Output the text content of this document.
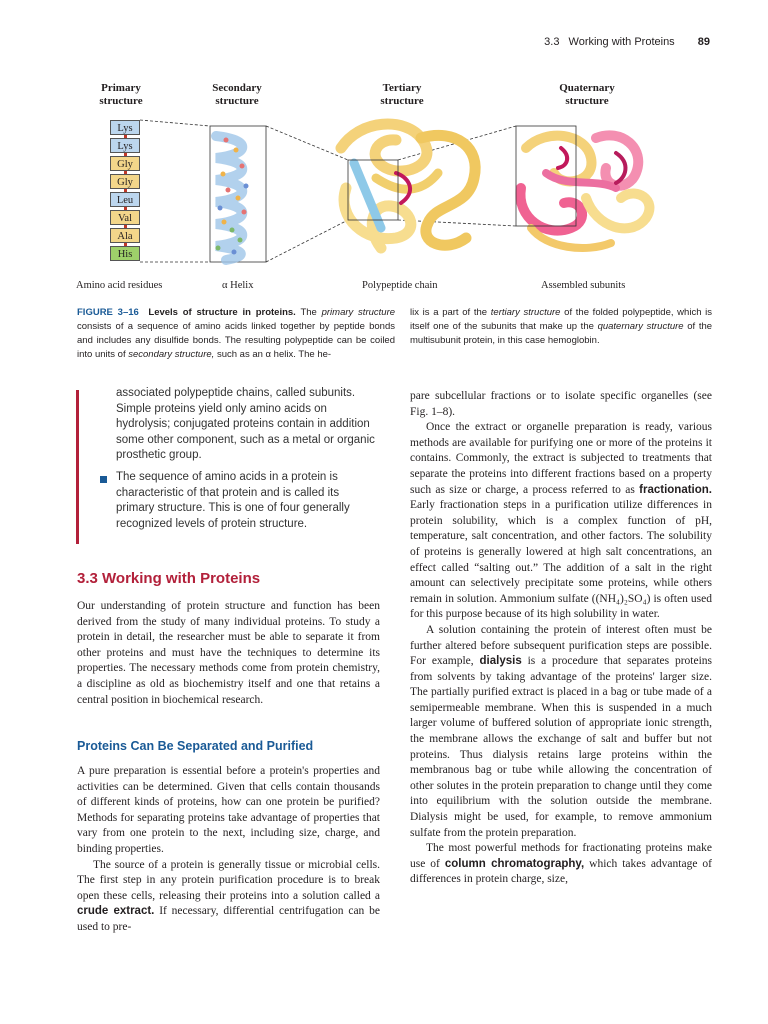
3.3 Working with Proteins 89
Primary
structure
Secondary
structure
Tertiary
structure
Quaternary
structure
Lys
Lys
Gly
Gly
Leu
Val
Ala
His
Amino acid residues	α Helix	Polypeptide chain	Assembled subunits
FIGURE 3–16 Levels of structure in proteins. The primary structure consists of a sequence of amino acids linked together by peptide bonds and includes any disulfide bonds. The resulting polypeptide can be coiled into units of secondary structure, such as an α helix. The he-
lix is a part of the tertiary structure of the folded polypeptide, which is itself one of the subunits that make up the quaternary structure of the multisubunit protein, in this case hemoglobin.
associated polypeptide chains, called subunits. Simple proteins yield only amino acids on hydrolysis; conjugated proteins contain in addition some other component, such as a metal or organic prosthetic group.
The sequence of amino acids in a protein is characteristic of that protein and is called its primary structure. This is one of four generally recognized levels of protein structure.
3.3 Working with Proteins
Proteins Can Be Separated and Purified

Our understanding of protein structure and function has been derived from the study of many individual proteins. To study a protein in detail, the researcher must be able to separate it from other proteins and must have the techniques to determine its properties. The necessary methods come from protein chemistry, a discipline as old as biochemistry itself and one that retains a central position in biochemical research.

A pure preparation is essential before a protein's properties and activities can be determined. Given that cells contain thousands of different kinds of proteins, how can one protein be purified? Methods for separating proteins take advantage of properties that vary from one protein to the next, including size, charge, and binding properties.

The source of a protein is generally tissue or microbial cells. The first step in any protein purification procedure is to break open these cells, releasing their proteins into a solution called a crude extract. If necessary, differential centrifugation can be used to pre-

pare subcellular fractions or to isolate specific organelles (see Fig. 1–8).

Once the extract or organelle preparation is ready, various methods are available for purifying one or more of the proteins it contains. Commonly, the extract is subjected to treatments that separate the proteins into different fractions based on a property such as size or charge, a process referred to as fractionation. Early fractionation steps in a purification utilize differences in protein solubility, which is a complex function of pH, temperature, salt concentration, and other factors. The solubility of proteins is generally lowered at high salt concentrations, an effect called “salting out.” The addition of a salt in the right amount can selectively precipitate some proteins, while others remain in solution. Ammonium sulfate ((NH₄)₂SO₄) is often used for this purpose because of its high solubility in water.

A solution containing the protein of interest often must be further altered before subsequent purification steps are possible. For example, dialysis is a procedure that separates proteins from solvents by taking advantage of the proteins' larger size. The partially purified extract is placed in a bag or tube made of a semipermeable membrane. When this is suspended in a much larger volume of buffered solution of appropriate ionic strength, the membrane allows the exchange of salt and buffer but not proteins. Thus dialysis retains large proteins within the membranous bag or tube while allowing the concentration of other solutes in the protein preparation to change until they come into equilibrium with the solution outside the membrane. Dialysis might be used, for example, to remove ammonium sulfate from the protein preparation.

The most powerful methods for fractionating proteins make use of column chromatography, which takes advantage of differences in protein charge, size,
